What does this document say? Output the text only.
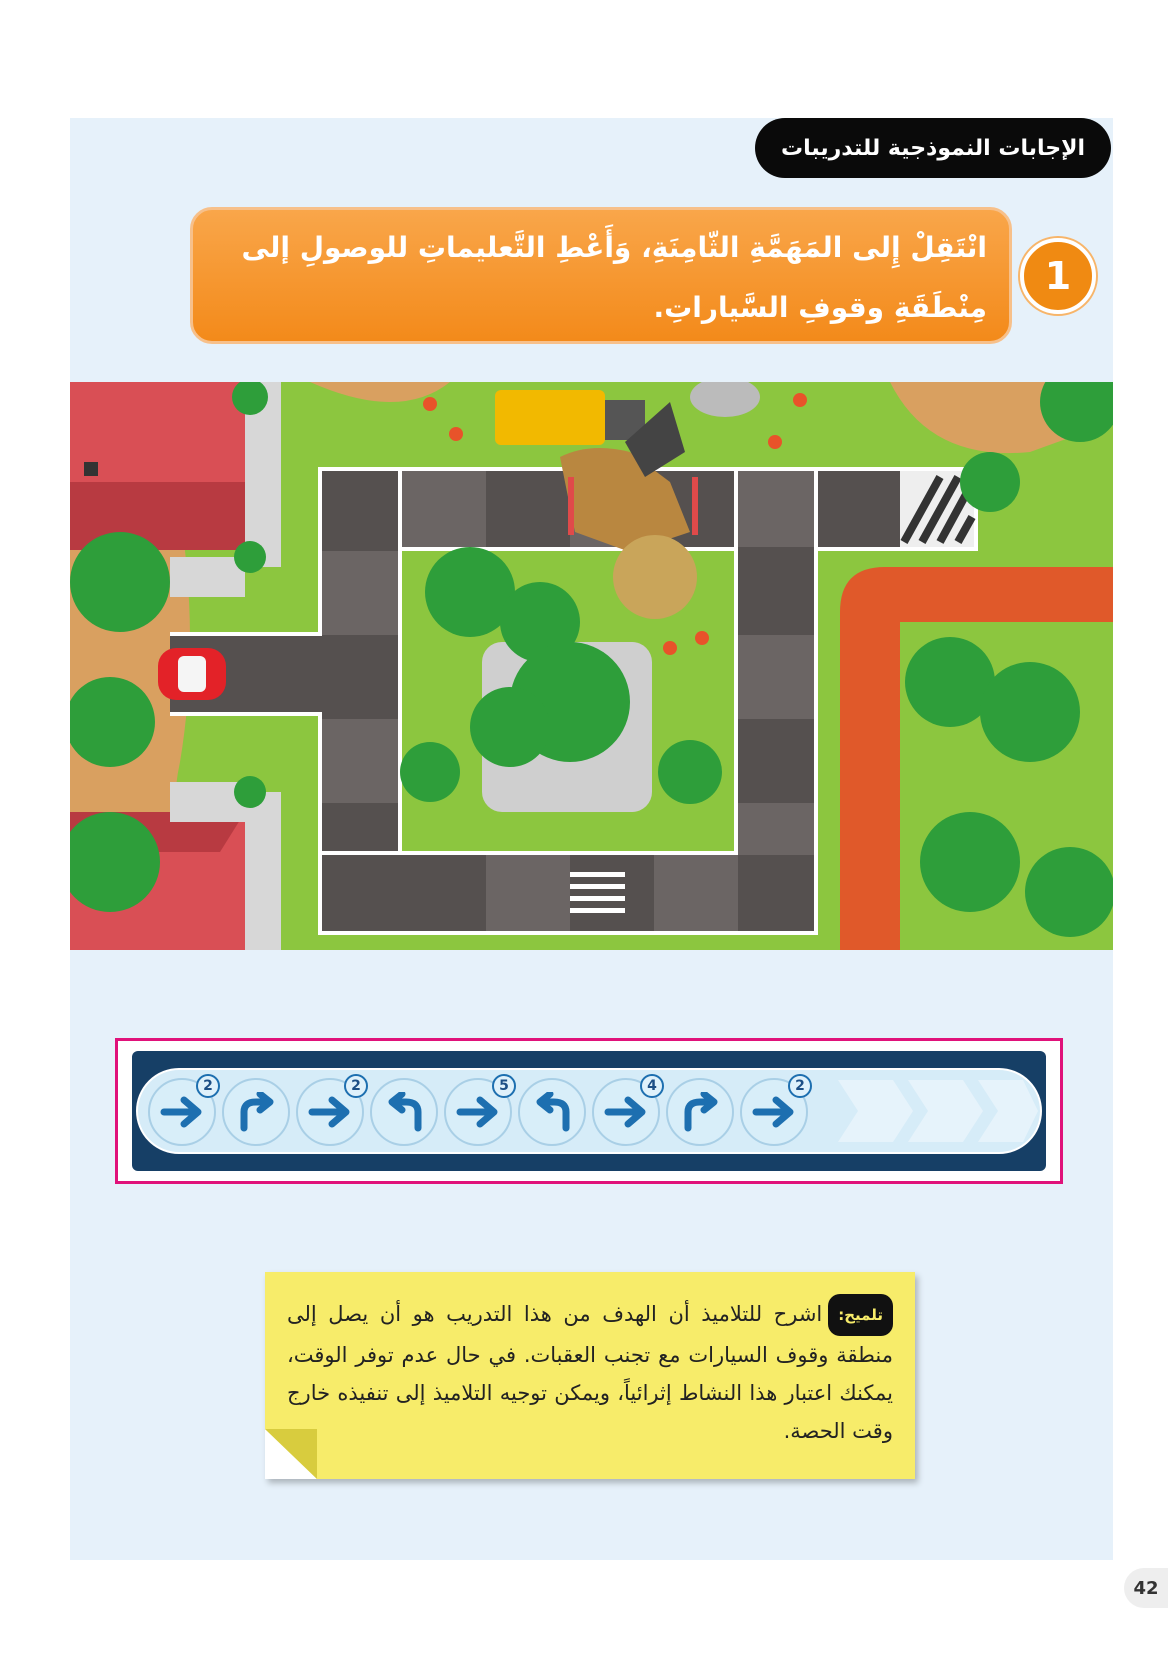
الإجابات النموذجية للتدريبات
انْتَقِلْ إِلى المَهَمَّةِ الثّامِنَةِ، وَأَعْطِ التَّعليماتِ للوصولِ إلى مِنْطَقَةِ وقوفِ السَّياراتِ.
1
2	2	5	4	2
تلميح:اشرح للتلاميذ أن الهدف من هذا التدريب هو أن يصل إلى منطقة وقوف السيارات مع تجنب العقبات. في حال عدم توفر الوقت، يمكنك اعتبار هذا النشاط إثرائياً، ويمكن توجيه التلاميذ إلى تنفيذه خارج وقت الحصة.
42
